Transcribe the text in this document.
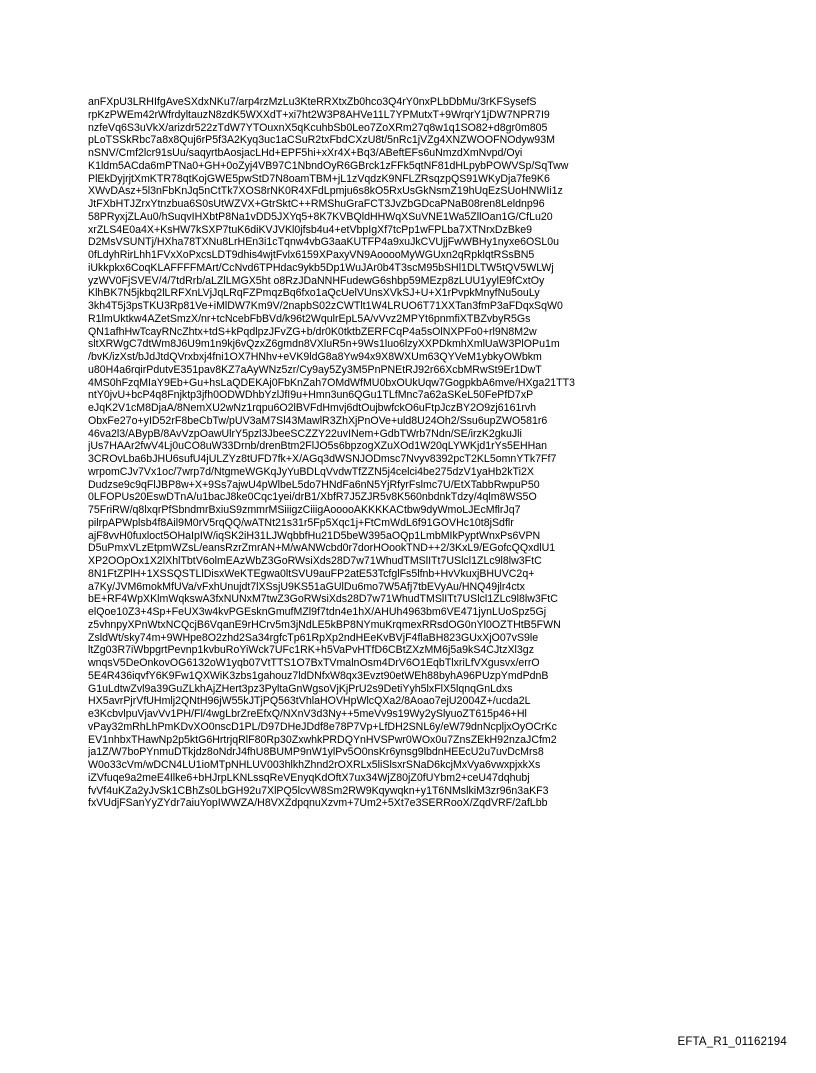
anFXpU3LRHIfgAveSXdxNKu7/arp4rzMzLu3KteRRXtxZb0hco3Q4rY0nxPLbDbMu/3rKFSysefS
rpKzPWEm42rWfrdyltauzN8zdK5WXXdT+xi7ht2W3P8AHVe11L7YPMutxT+9WrqrY1jDW7NPR7I9
nzfeVq6S3uVkX/arizdr522zTdW7YTOuxnX5qKcuhbSb0Leo7ZoXRm27q8w1q1SO82+d8gr0m805
pLoTSSkRbc7a8x8Quj6rP5f3A2Kyq3uc1aCSuR2txFbdCXzU8t/5nRc1jVZg4XNZWOOFNOdyw93M
nSNV/Cmf2lcr91sUu/saqyrtbAosjacLHd+EPF5hi+xXr4X+Bq3/ABeftEFs6uNmzdXmNvpd/Oyi
K1ldm5ACda6mPTNa0+GH+0oZyj4VB97C1NbndOyR6GBrck1zFFk5qtNF81dHLpybPOWVSp/SqTww
PlEkDyjrjtXmKTR78qtKojGWE5pwStD7N8oamTBM+jL1zVqdzK9NFLZRsqzpQS91WKyDja7fe9K6
XWvDAsz+5l3nFbKnJq5nCtTk7XOS8rNK0R4XFdLpmju6s8kO5RxUsGkNsmZ19hUqEzSUoHNWIi1z
JtFXbHTJZrxYtnzbua6S0sUtWZVX+GtrSktC++RMShuGraFCT3JvZbGDcaPNaB08ren8Leldnp96
58PRyxjZLAu0/hSuqvIHXbtP8Na1vDD5JXYq5+8K7KVBQldHHWqXSuVNE1Wa5ZllOan1G/CfLu20
xrZLS4E0a4X+KsHW7kSXP7tuK6diKVJVKl0jfsb4u4+etVbpIgXf7tcPp1wFPLba7XTNrxDzBke9
D2MsVSUNTj/HXha78TXNu8LrHEn3i1cTqnw4vbG3aaKUTFP4a9xuJkCVUjjFwWBHy1nyxe6OSL0u
0fLdyhRirLhh1FVxXoPxcsLDT9dhis4wjtFvlx6159XPaxyVN9AooooMyWGUxn2qRpklqtRSsBN5
iUkkpkx6CoqKLAFFFFMArt/CcNvd6TPHdac9ykb5Dp1WuJAr0b4T3scM95bSHl1DLTW5tQV5WLWj
yzWV0FjSVEV/4/7tdRrb/aLZlLMGX5ht o8RzJDaNNHFudewG6shbp59MEzp8zLUU1yylE9fCxtOy
KlhBK7N5jkbq2lLRFXnLVjJqLRqFZPmqzBq6fxo1aQcUelVUnsXVkSJ+U+X1rPvpkMnyfNu5ouLy
3kh4T5j3psTKU3Rp81Ve+iMlDW7Km9V/2napbS02zCWTlt1W4LRUO6T71XXTan3fmP3aFDqxSqW0
R1lmUktkw4AZetSmzX/nr+tcNcebFbBVd/k96t2WqulrEpL5A/vVvz2MPYt6pnmfiXTBZvbyR5Gs
QN1afhHwTcayRNcZhtx+tdS+kPqdlpzJFvZG+b/dr0K0tktbZERFCqP4a5sOlNXPFo0+rl9N8M2w
sltXRWgC7dtWm8J6U9m1n9kj6vQzxZ6gmdn8VXluR5n+9Ws1luo6lzyXXPDkmhXmlUaW3PlOPu1m
/bvK/izXst/bJdJtdQVrxbxj4fni1OX7HNhv+eVK9ldG8a8Yw94x9X8WXUm63QYVeM1ybkyOWbkm
u80H4a6rqirPdutvE351pav8KZ7aAyWNz5zr/Cy9ay5Zy3M5PnPNEtRJ92r66XcbMRwSt9Er1DwT
4MS0hFzqMIaY9Eb+Gu+hsLaQDEKAj0FbKnZah7OMdWfMU0bxOUkUqw7GogpkbA6mve/HXga21TT3
ntY0jvU+bcP4q8Fnjktp3jfh0ODWDhbYzlJfI9u+Hmn3un6QGu1TLfMnc7a62aSKeL50FePfD7xP
eJqK2V1cM8DjaA/8NemXU2wNz1rqpu6O2lBVFdHmvj6dtOujbwfckO6uFtpJczBY2O9zj6161rvh
ObxFe27o+yID52rF8beCbTw/pUV3aM7Sl43MawlR3ZhXjPnOVe+uld8U24Oh2/Ssu6upZWO581r6
46va2l3/ABypB/8AvVzpOawUlrY5pzl3JbeeSCZZY22uvINem+GdbTWrb7Ndn/SE/irzK2gkuJli
jUs7HAAr2fwV4Lj0uCO8uW33Drnb/drenBtm2FlJO5s6bpzogXZuXOd1W20qLYWKjd1rYs5EHHan
3CROvLba6bJHU6sufU4jULZYz8tUFD7fk+X/AGq3dWSNJODmsc7Nvyv8392pcT2KL5omnYTk7Ff7
wrpomCJv7Vx1oc/7wrp7d/NtgmeWGKqJyYuBDLqVvdwTfZZN5j4celci4be275dzV1yaHb2kTi2X
Dudzse9c9qFlJBP8w+X+9Ss7ajwU4pWlbeL5do7HNdFa6nN5YjRfyrFslmc7U/EtXTabbRwpuP50
0LFOPUs20EswDTnA/u1bacJ8ke0Cqc1yei/drB1/XbfR7J5ZJR5v8K560nbdnkTdzy/4qlm8WS5O
75FriRW/q8lxqrPfSbndmrBxiuS9zmmrMSiiigzCiiigAooooAKKKKACtbw9dyWmoLJEcMflrJq7
pilrpAPWplsb4f8Ail9M0rV5rqQQ/wATNt21s31r5Fp5Xqc1j+FtCmWdL6f91GOVHc10t8jSdflr
ajF8vvH0fuxloct5OHaIpIW/iqSK2iH31LJWqbbfHu21D5beW395aOQp1LmbMIkPyptWnxPs6VPN
D5uPmxVLzEtpmWZsL/eansRzrZmrAN+M/wANWcbd0r7dorHOookTND++2/3KxL9/EGofcQQxdlU1
XP2OOpOx1X2lXhlTbtV6olmEAzWbZ3GoRWsiXds28D7w71WhudTMSlITt7USlcl1ZLc9l8lw3FtC
8N1FtZPlH+1XSSQSTLlDisxWeKTEgwa0ltSVU9auFP2atE53TcfglFs5lfnb+HvVkuxjBHUVC2q+
a7Ky/JVM6mokMfUVa/vFxhUnujdt7lXSsjU9KS51aGUlDu6mo7W5Afj7tbEVyAu/HNQ49jlr4ctx
bE+RF4WpXKlmWqkswA3fxNUNxM7twZ3GoRWsiXds28D7w71WhudTMSlITt7USlcl1ZLc9l8lw3FtC
elQoe10Z3+4Sp+FeUX3w4kvPGEsknGmufMZl9f7tdn4e1hX/AHUh4963bm6VE471jynLUoSpz5Gj
z5vhnpyXPnWtxNCQcjB6VqanE9rHCrv5m3jNdLE5kBP8NYmuKrqmexRRsdOG0nYl0OZTHtB5FWN
ZsldWt/sky74m+9WHpe8O2zhd2Sa34rgfcTp61RpXp2ndHEeKvBVjF4flaBH823GUxXjO07vS9le
ltZg03R7iWbpgrtPevnp1kvbuRoYiWck7UFc1RK+h5VaPvHTfD6CBtZXzMM6j5a9kS4CJtzXl3gz
wnqsV5DeOnkovOG6132oW1yqb07VtTTS1O7BxTVmalnOsm4DrV6O1EqbTlxriLfVXgusvx/errO
5E4R436iqvfY6K9Fw1QXWiK3zbs1gahouz7ldDNfxW8qx3Evzt90etWEh88byhA96PUzpYmdPdnB
G1uLdtwZvl9a39GuZLkhAjZHert3pz3PyltaGnWgsoVjKjPrU2s9DetiYyh5lxFlX5lqnqGnLdxs
HX5avrPjrVfUHmlj2QNtH96jW55kJTjPQ563tVhlaHOVHpWlcQXa2/8Aoao7ejU2004Z+/ucda2L
e3KcbvlpuVjavVv1PH/Fl/4wgLbrZreEfxQ/NXnV3d3Ny++5meVv9s19Wy2ySlyuoZT615p46+Hl
vPay32mRhLhPmKDvXO0nscD1PL/D97DHeJDdf8e78P7Vp+LfDH2SNL6y/eW79dnNcpljxOyOCrKc
EV1nhbxTHawNp2p5ktG6HrtrjqRlF80Rp30ZxwhkPRDQYnHVSPwr0WOx0u7ZnsZEkH92nzaJCfm2
ja1Z/W7boPYnmuDTkjdz8oNdrJ4fhU8BUMP9nW1ylPv5O0nsKr6ynsg9lbdnHEEcU2u7uvDcMrs8
W0o33cVm/wDCN4LU1ioMTpNHLUV003hlkhZhnd2rOXRLx5liSlsxrSNaD6kcjMxVya6vwxpjxkXs
iZVfuqe9a2meE4Ilke6+bHJrpLKNLssqReVEnyqKdOftX7ux34WjZ80jZ0fUYbm2+ceU47dqhubj
fvVf4uKZa2yJvSk1CBhZs0LbGH92u7XlPQ5lcvW8Sm2RW9Kqywqkn+y1T6NMslkiM3zr96n3aKF3
fxVUdjFSanYyZYdr7aiuYopIWWZA/H8VXZdpqnuXzvm+7Um2+5Xt7e3SERRooX/ZqdVRF/2afLbb
EFTA_R1_01162194
